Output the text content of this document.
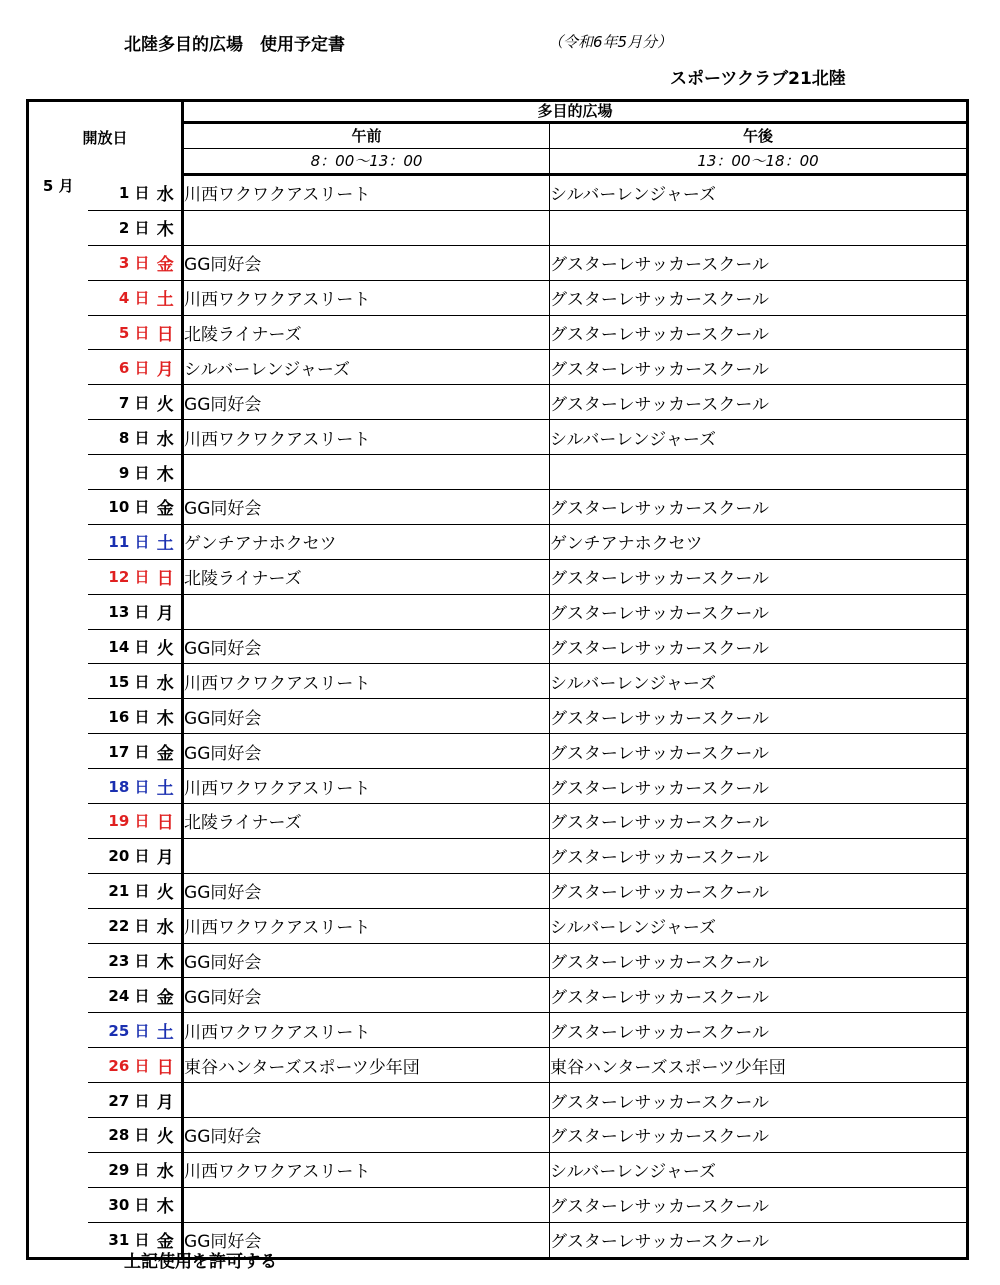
北陸多目的広場　使用予定書	（令和6年5月分）
スポーツクラブ21北陸
開放日			多目的広場	
			午前	午後
			8：00～13：00	13：00～18：00
5 月	1 日	水	川西ワクワクアスリート	シルバーレンジャーズ
	2 日	木		
	3 日	金	GG同好会	グスターレサッカースクール
	4 日	土	川西ワクワクアスリート	グスターレサッカースクール
	5 日	日	北陵ライナーズ	グスターレサッカースクール
	6 日	月	シルバーレンジャーズ	グスターレサッカースクール
	7 日	火	GG同好会	グスターレサッカースクール
	8 日	水	川西ワクワクアスリート	シルバーレンジャーズ
	9 日	木		
	10 日	金	GG同好会	グスターレサッカースクール
	11 日	土	ゲンチアナホクセツ	ゲンチアナホクセツ
	12 日	日	北陵ライナーズ	グスターレサッカースクール
	13 日	月		グスターレサッカースクール
	14 日	火	GG同好会	グスターレサッカースクール
	15 日	水	川西ワクワクアスリート	シルバーレンジャーズ
	16 日	木	GG同好会	グスターレサッカースクール
	17 日	金	GG同好会	グスターレサッカースクール
	18 日	土	川西ワクワクアスリート	グスターレサッカースクール
	19 日	日	北陵ライナーズ	グスターレサッカースクール
	20 日	月		グスターレサッカースクール
	21 日	火	GG同好会	グスターレサッカースクール
	22 日	水	川西ワクワクアスリート	シルバーレンジャーズ
	23 日	木	GG同好会	グスターレサッカースクール
	24 日	金	GG同好会	グスターレサッカースクール
	25 日	土	川西ワクワクアスリート	グスターレサッカースクール
	26 日	日	東谷ハンターズスポーツ少年団	東谷ハンターズスポーツ少年団
	27 日	月		グスターレサッカースクール
	28 日	火	GG同好会	グスターレサッカースクール
	29 日	水	川西ワクワクアスリート	シルバーレンジャーズ
	30 日	木		グスターレサッカースクール
	31 日	金	GG同好会	グスターレサッカースクール
上記使用を許可する
